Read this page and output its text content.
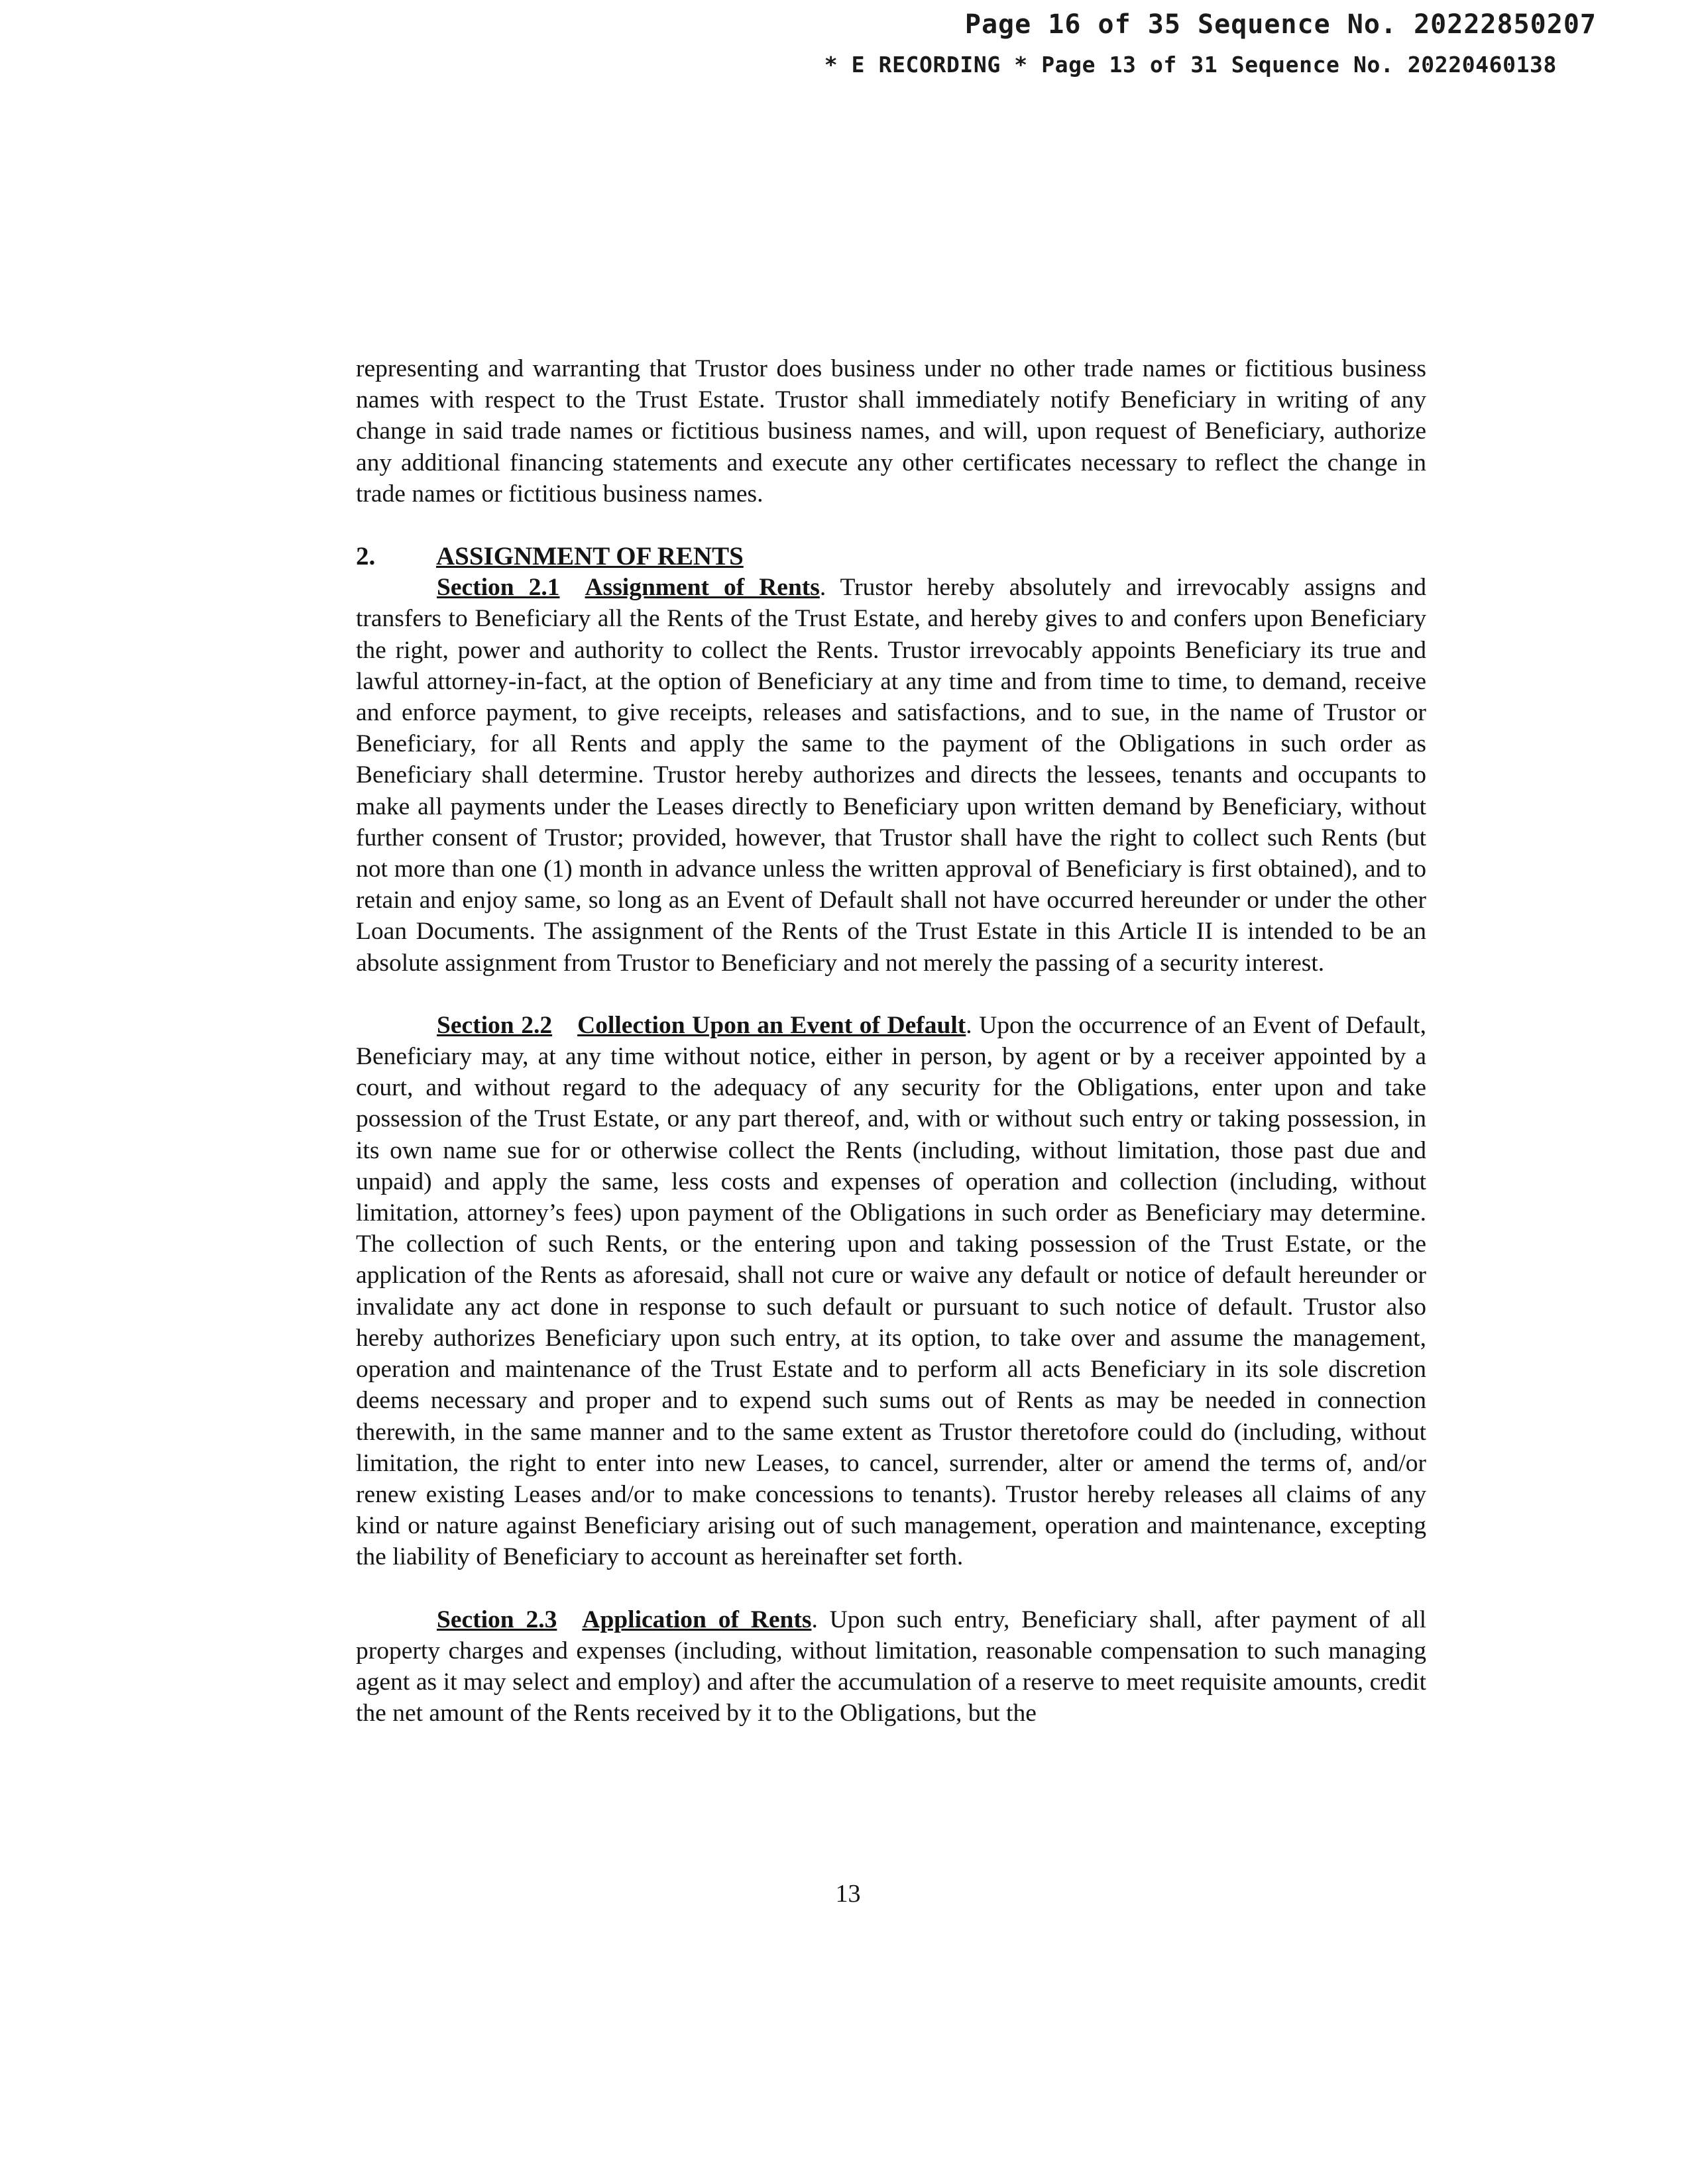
Page 16 of 35 Sequence No. 20222850207
* E RECORDING * Page 13 of 31 Sequence No. 20220460138

representing and warranting that Trustor does business under no other trade names or fictitious business names with respect to the Trust Estate. Trustor shall immediately notify Beneficiary in writing of any change in said trade names or fictitious business names, and will, upon request of Beneficiary, authorize any additional financing statements and execute any other certificates necessary to reflect the change in trade names or fictitious business names.

2. ASSIGNMENT OF RENTS

Section 2.1 Assignment of Rents. Trustor hereby absolutely and irrevocably assigns and transfers to Beneficiary all the Rents of the Trust Estate, and hereby gives to and confers upon Beneficiary the right, power and authority to collect the Rents. Trustor irrevocably appoints Beneficiary its true and lawful attorney-in-fact, at the option of Beneficiary at any time and from time to time, to demand, receive and enforce payment, to give receipts, releases and satisfactions, and to sue, in the name of Trustor or Beneficiary, for all Rents and apply the same to the payment of the Obligations in such order as Beneficiary shall determine. Trustor hereby authorizes and directs the lessees, tenants and occupants to make all payments under the Leases directly to Beneficiary upon written demand by Beneficiary, without further consent of Trustor; provided, however, that Trustor shall have the right to collect such Rents (but not more than one (1) month in advance unless the written approval of Beneficiary is first obtained), and to retain and enjoy same, so long as an Event of Default shall not have occurred hereunder or under the other Loan Documents. The assignment of the Rents of the Trust Estate in this Article II is intended to be an absolute assignment from Trustor to Beneficiary and not merely the passing of a security interest.

Section 2.2 Collection Upon an Event of Default. Upon the occurrence of an Event of Default, Beneficiary may, at any time without notice, either in person, by agent or by a receiver appointed by a court, and without regard to the adequacy of any security for the Obligations, enter upon and take possession of the Trust Estate, or any part thereof, and, with or without such entry or taking possession, in its own name sue for or otherwise collect the Rents (including, without limitation, those past due and unpaid) and apply the same, less costs and expenses of operation and collection (including, without limitation, attorney’s fees) upon payment of the Obligations in such order as Beneficiary may determine. The collection of such Rents, or the entering upon and taking possession of the Trust Estate, or the application of the Rents as aforesaid, shall not cure or waive any default or notice of default hereunder or invalidate any act done in response to such default or pursuant to such notice of default. Trustor also hereby authorizes Beneficiary upon such entry, at its option, to take over and assume the management, operation and maintenance of the Trust Estate and to perform all acts Beneficiary in its sole discretion deems necessary and proper and to expend such sums out of Rents as may be needed in connection therewith, in the same manner and to the same extent as Trustor theretofore could do (including, without limitation, the right to enter into new Leases, to cancel, surrender, alter or amend the terms of, and/or renew existing Leases and/or to make concessions to tenants). Trustor hereby releases all claims of any kind or nature against Beneficiary arising out of such management, operation and maintenance, excepting the liability of Beneficiary to account as hereinafter set forth.

Section 2.3 Application of Rents. Upon such entry, Beneficiary shall, after payment of all property charges and expenses (including, without limitation, reasonable compensation to such managing agent as it may select and employ) and after the accumulation of a reserve to meet requisite amounts, credit the net amount of the Rents received by it to the Obligations, but the

13
